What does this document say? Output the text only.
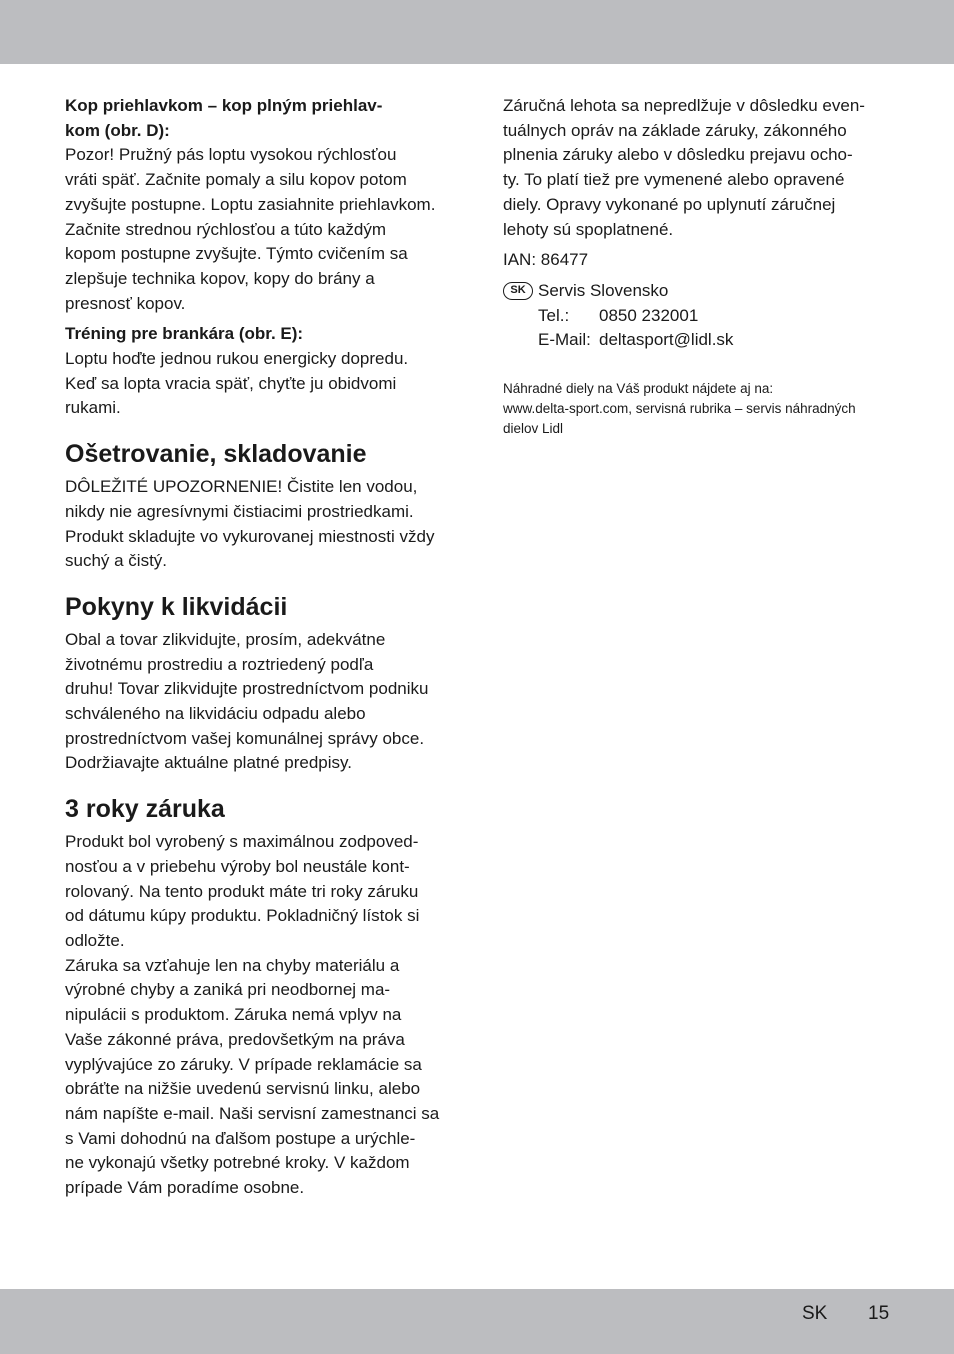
Kop priehlavkom – kop plným priehlav-
kom (obr. D):

Pozor! Pružný pás loptu vysokou rýchlosťou
vráti späť. Začnite pomaly a silu kopov potom
zvyšujte postupne. Loptu zasiahnite priehlavkom.
Začnite strednou rýchlosťou a túto každým
kopom postupne zvyšujte. Týmto cvičením sa
zlepšuje technika kopov, kopy do brány a
presnosť kopov.

Tréning pre brankára (obr. E):

Loptu hoďte jednou rukou energicky dopredu.
Keď sa lopta vracia späť, chyťte ju obidvomi
rukami.

Ošetrovanie, skladovanie

DÔLEŽITÉ UPOZORNENIE! Čistite len vodou,
nikdy nie agresívnymi čistiacimi prostriedkami.
Produkt skladujte vo vykurovanej miestnosti vždy
suchý a čistý.

Pokyny k likvidácii

Obal a tovar zlikvidujte, prosím, adekvátne
životnému prostrediu a roztriedený podľa
druhu! Tovar zlikvidujte prostredníctvom podniku
schváleného na likvidáciu odpadu alebo
prostredníctvom vašej komunálnej správy obce.
Dodržiavajte aktuálne platné predpisy.

3 roky záruka

Produkt bol vyrobený s maximálnou zodpoved-
nosťou a v priebehu výroby bol neustále kont-
rolovaný. Na tento produkt máte tri roky záruku
od dátumu kúpy produktu. Pokladničný lístok si
odložte.
Záruka sa vzťahuje len na chyby materiálu a
výrobné chyby a zaniká pri neodbornej ma-
nipulácii s produktom. Záruka nemá vplyv na
Vaše zákonné práva, predovšetkým na práva
vyplývajúce zo záruky. V prípade reklamácie sa
obráťte na nižšie uvedenú servisnú linku, alebo
nám napíšte e-mail. Naši servisní zamestnanci sa
s Vami dohodnú na ďalšom postupe a urýchle-
ne vykonajú všetky potrebné kroky. V každom
prípade Vám poradíme osobne.

Záručná lehota sa nepredlžuje v dôsledku even-
tuálnych opráv na základe záruky, zákonného
plnenia záruky alebo v dôsledku prejavu ocho-
ty. To platí tiež pre vymenené alebo opravené
diely. Opravy vykonané po uplynutí záručnej
lehoty sú spoplatnené.

IAN: 86477

SK Servis Slovensko
Tel.:	0850 232001
E-Mail: deltasport@lidl.sk

Náhradné diely na Váš produkt nájdete aj na:
www.delta-sport.com, servisná rubrika – servis náhradných
dielov Lidl

SK 15
